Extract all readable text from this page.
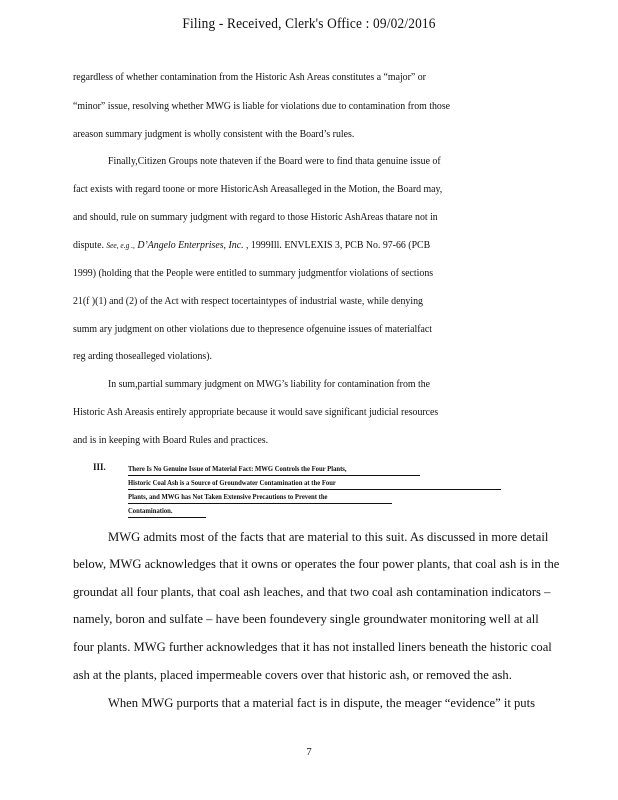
Filing - Received, Clerk's Office : 09/02/2016
regardless of whether contamination from the Historic Ash Areas constitutes a “major” or
“minor” issue, resolving whether MWG is liable for violations due to contamination from those
areason summary judgment is wholly consistent with the Board’s rules.
Finally,Citizen Groups note thateven if the Board were to find thata genuine issue of
fact exists with regard toone or more HistoricAsh Areasalleged in the Motion, the Board may,
and should, rule on summary judgment with regard to those Historic AshAreas thatare not in
dispute. See, e.g ., D’Angelo Enterprises, Inc. , 1999Ill. ENVLEXIS 3, PCB No. 97-66 (PCB
1999) (holding that the People were entitled to summary judgmentfor violations of sections
21(f )(1) and (2) of the Act with respect tocertaintypes of industrial waste, while denying
summ ary judgment on other violations due to thepresence ofgenuine issues of materialfact
reg arding thosealleged violations).
In sum,partial summary judgment on MWG’s liability for contamination from the
Historic Ash Areasis entirely appropriate because it would save significant judicial resources
and is in keeping with Board Rules and practices.
III.	There Is No Genuine Issue of Material Fact: MWG Controls the Four Plants,
Historic Coal Ash is a Source of Groundwater Contamination at the Four
Plants, and MWG has Not Taken Extensive Precautions to Prevent the
Contamination.
MWG admits most of the facts that are material to this suit. As discussed in more detail
below, MWG acknowledges that it owns or operates the four power plants, that coal ash is in the
groundat all four plants, that coal ash leaches, and that two coal ash contamination indicators –
namely, boron and sulfate – have been foundevery single groundwater monitoring well at all
four plants. MWG further acknowledges that it has not installed liners beneath the historic coal
ash at the plants, placed impermeable covers over that historic ash, or removed the ash.
When MWG purports that a material fact is in dispute, the meager “evidence” it puts
7
